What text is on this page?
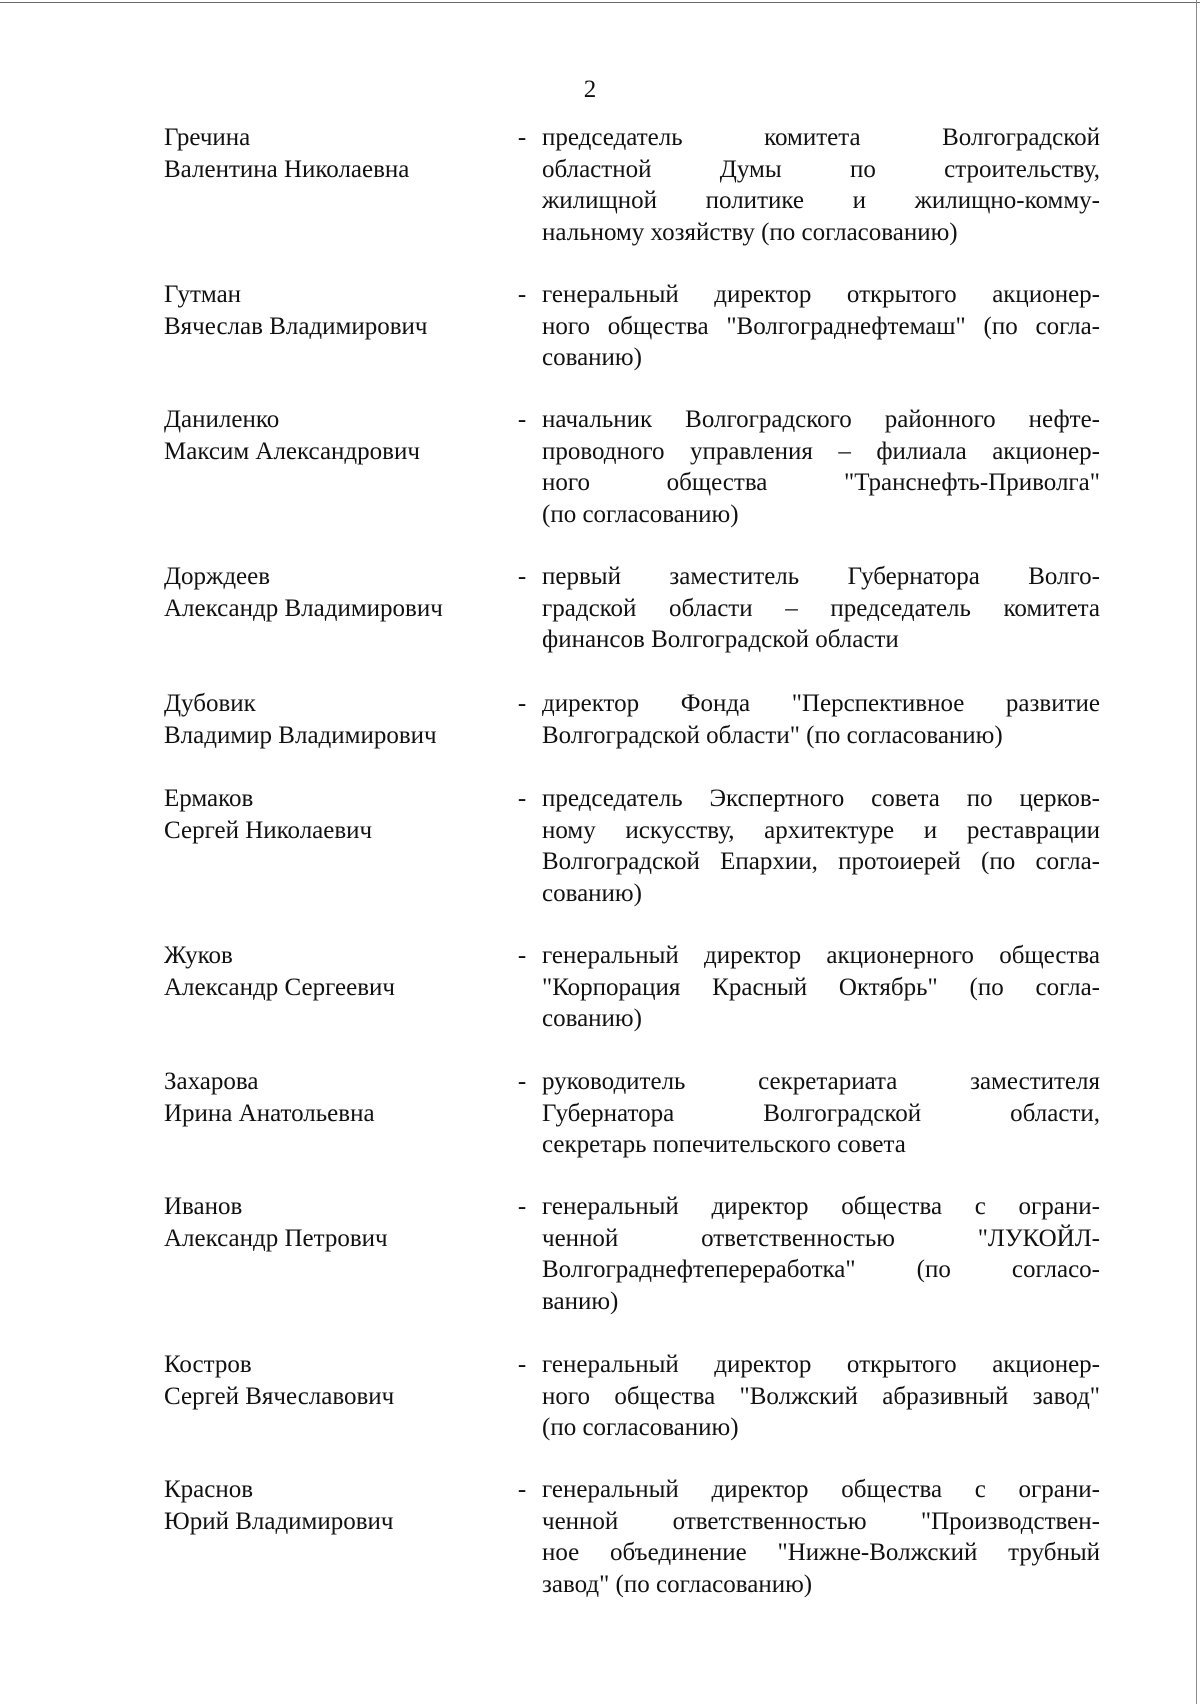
2
Гречина
Валентина Николаевна
- председатель комитета Волгоградской
областной Думы по строительству,
жилищной политике и жилищно-комму-
нальному хозяйству (по согласованию)
Гутман
Вячеслав Владимирович
- генеральный директор открытого акционер-
ного общества "Волгограднефтемаш" (по согла-
сованию)
Даниленко
Максим Александрович
- начальник Волгоградского районного нефте-
проводного управления – филиала акционер-
ного общества "Транснефть-Приволга"
(по согласованию)
Дорждеев
Александр Владимирович
- первый заместитель Губернатора Волго-
градской области – председатель комитета
финансов Волгоградской области
Дубовик
Владимир Владимирович
- директор Фонда "Перспективное развитие
Волгоградской области" (по согласованию)
Ермаков
Сергей Николаевич
- председатель Экспертного совета по церков-
ному искусству, архитектуре и реставрации
Волгоградской Епархии, протоиерей (по согла-
сованию)
Жуков
Александр Сергеевич
- генеральный директор акционерного общества
"Корпорация Красный Октябрь" (по согла-
сованию)
Захарова
Ирина Анатольевна
- руководитель секретариата заместителя
Губернатора Волгоградской области,
секретарь попечительского совета
Иванов
Александр Петрович
- генеральный директор общества с ограни-
ченной ответственностью "ЛУКОЙЛ-
Волгограднефтепереработка" (по согласо-
ванию)
Костров
Сергей Вячеславович
- генеральный директор открытого акционер-
ного общества "Волжский абразивный завод"
(по согласованию)
Краснов
Юрий Владимирович
- генеральный директор общества с ограни-
ченной ответственностью "Производствен-
ное объединение "Нижне-Волжский трубный
завод" (по согласованию)
